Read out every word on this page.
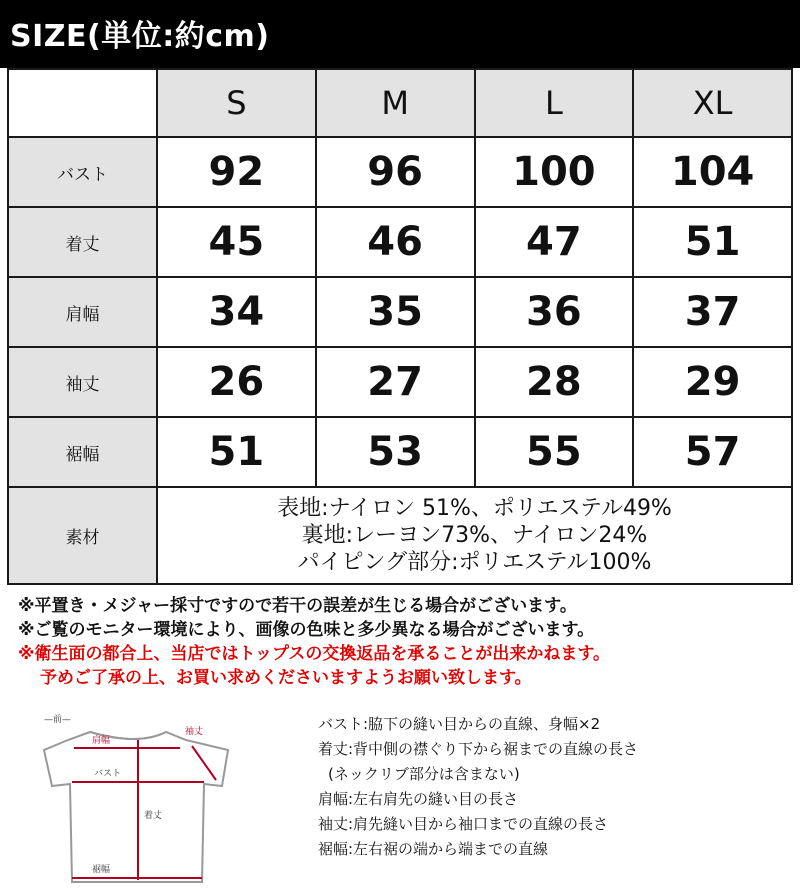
SIZE(単位:約cm)
	S	M	L	XL
バスト	92	96	100	104
着丈	45	46	47	51
肩幅	34	35	36	37
袖丈	26	27	28	29
裾幅	51	53	55	57
素材	表地:ナイロン 51%、ポリエステル49%
裏地:レーヨン73%、ナイロン24%
パイピング部分:ポリエステル100%			
※平置き・メジャー採寸ですので若干の誤差が生じる場合がございます。
※ご覧のモニター環境により、画像の色味と多少異なる場合がございます。
※衛生面の都合上、当店ではトップスの交換返品を承ることが出来かねます。
予めご了承の上、お買い求めくださいますようお願い致します。
—前—
肩幅
袖丈
バスト
着丈
裾幅
バスト:脇下の縫い目からの直線、身幅×2
着丈:背中側の襟ぐり下から裾までの直線の長さ
(ネックリブ部分は含まない)
肩幅:左右肩先の縫い目の長さ
袖丈:肩先縫い目から袖口までの直線の長さ
裾幅:左右裾の端から端までの直線
